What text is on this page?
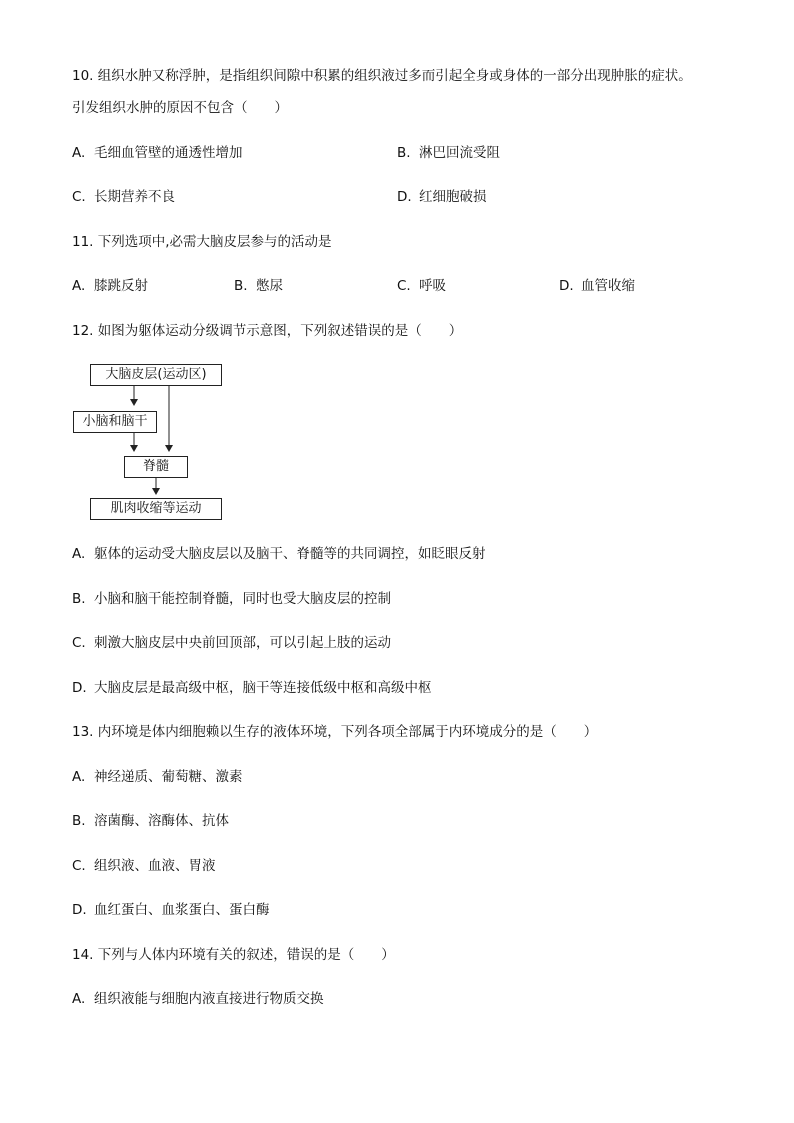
10. 组织水肿又称浮肿，是指组织间隙中积累的组织液过多而引起全身或身体的一部分出现肿胀的症状。
引发组织水肿的原因不包含（　　）
A. 毛细血管壁的通透性增加	B. 淋巴回流受阻
C. 长期营养不良	D. 红细胞破损
11. 下列选项中,必需大脑皮层参与的活动是
A. 膝跳反射	B. 憋尿	C. 呼吸	D. 血管收缩
12. 如图为躯体运动分级调节示意图，下列叙述错误的是（　　）
大脑皮层(运动区)
小脑和脑干
脊髓
肌肉收缩等运动
A. 躯体的运动受大脑皮层以及脑干、脊髓等的共同调控，如眨眼反射
B. 小脑和脑干能控制脊髓，同时也受大脑皮层的控制
C. 刺激大脑皮层中央前回顶部，可以引起上肢的运动
D. 大脑皮层是最高级中枢，脑干等连接低级中枢和高级中枢
13. 内环境是体内细胞赖以生存的液体环境，下列各项全部属于内环境成分的是（　　）
A. 神经递质、葡萄糖、激素
B. 溶菌酶、溶酶体、抗体
C. 组织液、血液、胃液
D. 血红蛋白、血浆蛋白、蛋白酶
14. 下列与人体内环境有关的叙述，错误的是（　　）
A. 组织液能与细胞内液直接进行物质交换
